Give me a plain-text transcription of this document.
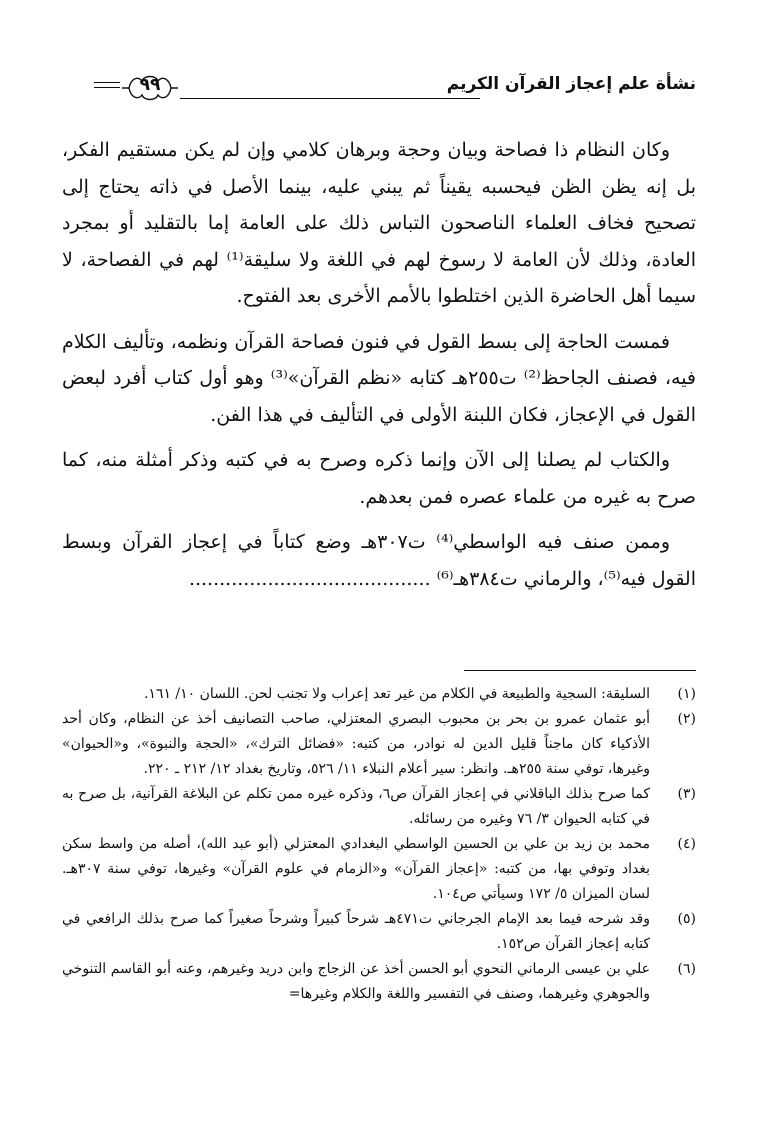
نشأة علم إعجاز القرآن الكريم
٩٩

وكان النظام ذا فصاحة وبيان وحجة وبرهان كلامي وإن لم يكن مستقيم الفكر، بل إنه يظن الظن فيحسبه يقيناً ثم يبني عليه، بينما الأصل في ذاته يحتاج إلى تصحيح فخاف العلماء الناصحون التباس ذلك على العامة إما بالتقليد أو بمجرد العادة، وذلك لأن العامة لا رسوخ لهم في اللغة ولا سليقة⁽¹⁾ لهم في الفصاحة، لا سيما أهل الحاضرة الذين اختلطوا بالأمم الأخرى بعد الفتوح.

فمست الحاجة إلى بسط القول في فنون فصاحة القرآن ونظمه، وتأليف الكلام فيه، فصنف الجاحظ⁽²⁾ ت٢٥٥هـ كتابه «نظم القرآن»⁽³⁾ وهو أول كتاب أفرد لبعض القول في الإعجاز، فكان اللبنة الأولى في التأليف في هذا الفن.

والكتاب لم يصلنا إلى الآن وإنما ذكره وصرح به في كتبه وذكر أمثلة منه، كما صرح به غيره من علماء عصره فمن بعدهم.

وممن صنف فيه الواسطي⁽⁴⁾ ت٣٠٧هـ وضع كتاباً في إعجاز القرآن وبسط القول فيه⁽⁵⁾، والرماني ت٣٨٤هـ⁽⁶⁾ ........................................

(١)
السليقة: السجية والطبيعة في الكلام من غير تعد إعراب ولا تجنب لحن. اللسان ١٠/ ١٦١.

(٢)
أبو عثمان عمرو بن بحر بن محبوب البصري المعتزلي، صاحب التصانيف أخذ عن النظام، وكان أحد الأذكياء كان ماجناً قليل الدين له نوادر، من كتبه: «فضائل الترك»، «الحجة والنبوة»، و«الحيوان» وغيرها، توفي سنة ٢٥٥هـ. وانظر: سير أعلام النبلاء ١١/ ٥٢٦، وتاريخ بغداد ١٢/ ٢١٢ ـ ٢٢٠.

(٣)
كما صرح بذلك الباقلاني في إعجاز القرآن ص٦، وذكره غيره ممن تكلم عن البلاغة القرآنية، بل صرح به في كتابه الحيوان ٣/ ٧٦ وغيره من رسائله.

(٤)
محمد بن زيد بن علي بن الحسين الواسطي البغدادي المعتزلي (أبو عبد الله)، أصله من واسط سكن بغداد وتوفي بها، من كتبه: «إعجاز القرآن» و«الزمام في علوم القرآن» وغيرها، توفي سنة ٣٠٧هـ. لسان الميزان ٥/ ١٧٢ وسيأتي ص١٠٤.

(٥)
وقد شرحه فيما بعد الإمام الجرجاني ت٤٧١هـ شرحاً كبيراً وشرحاً صغيراً كما صرح بذلك الرافعي في كتابه إعجاز القرآن ص١٥٢.

(٦)
علي بن عيسى الرماني النحوي أبو الحسن أخذ عن الزجاج وابن دريد وغيرهم، وعنه أبو القاسم التنوخي والجوهري وغيرهما، وصنف في التفسير واللغة والكلام وغيرها=
